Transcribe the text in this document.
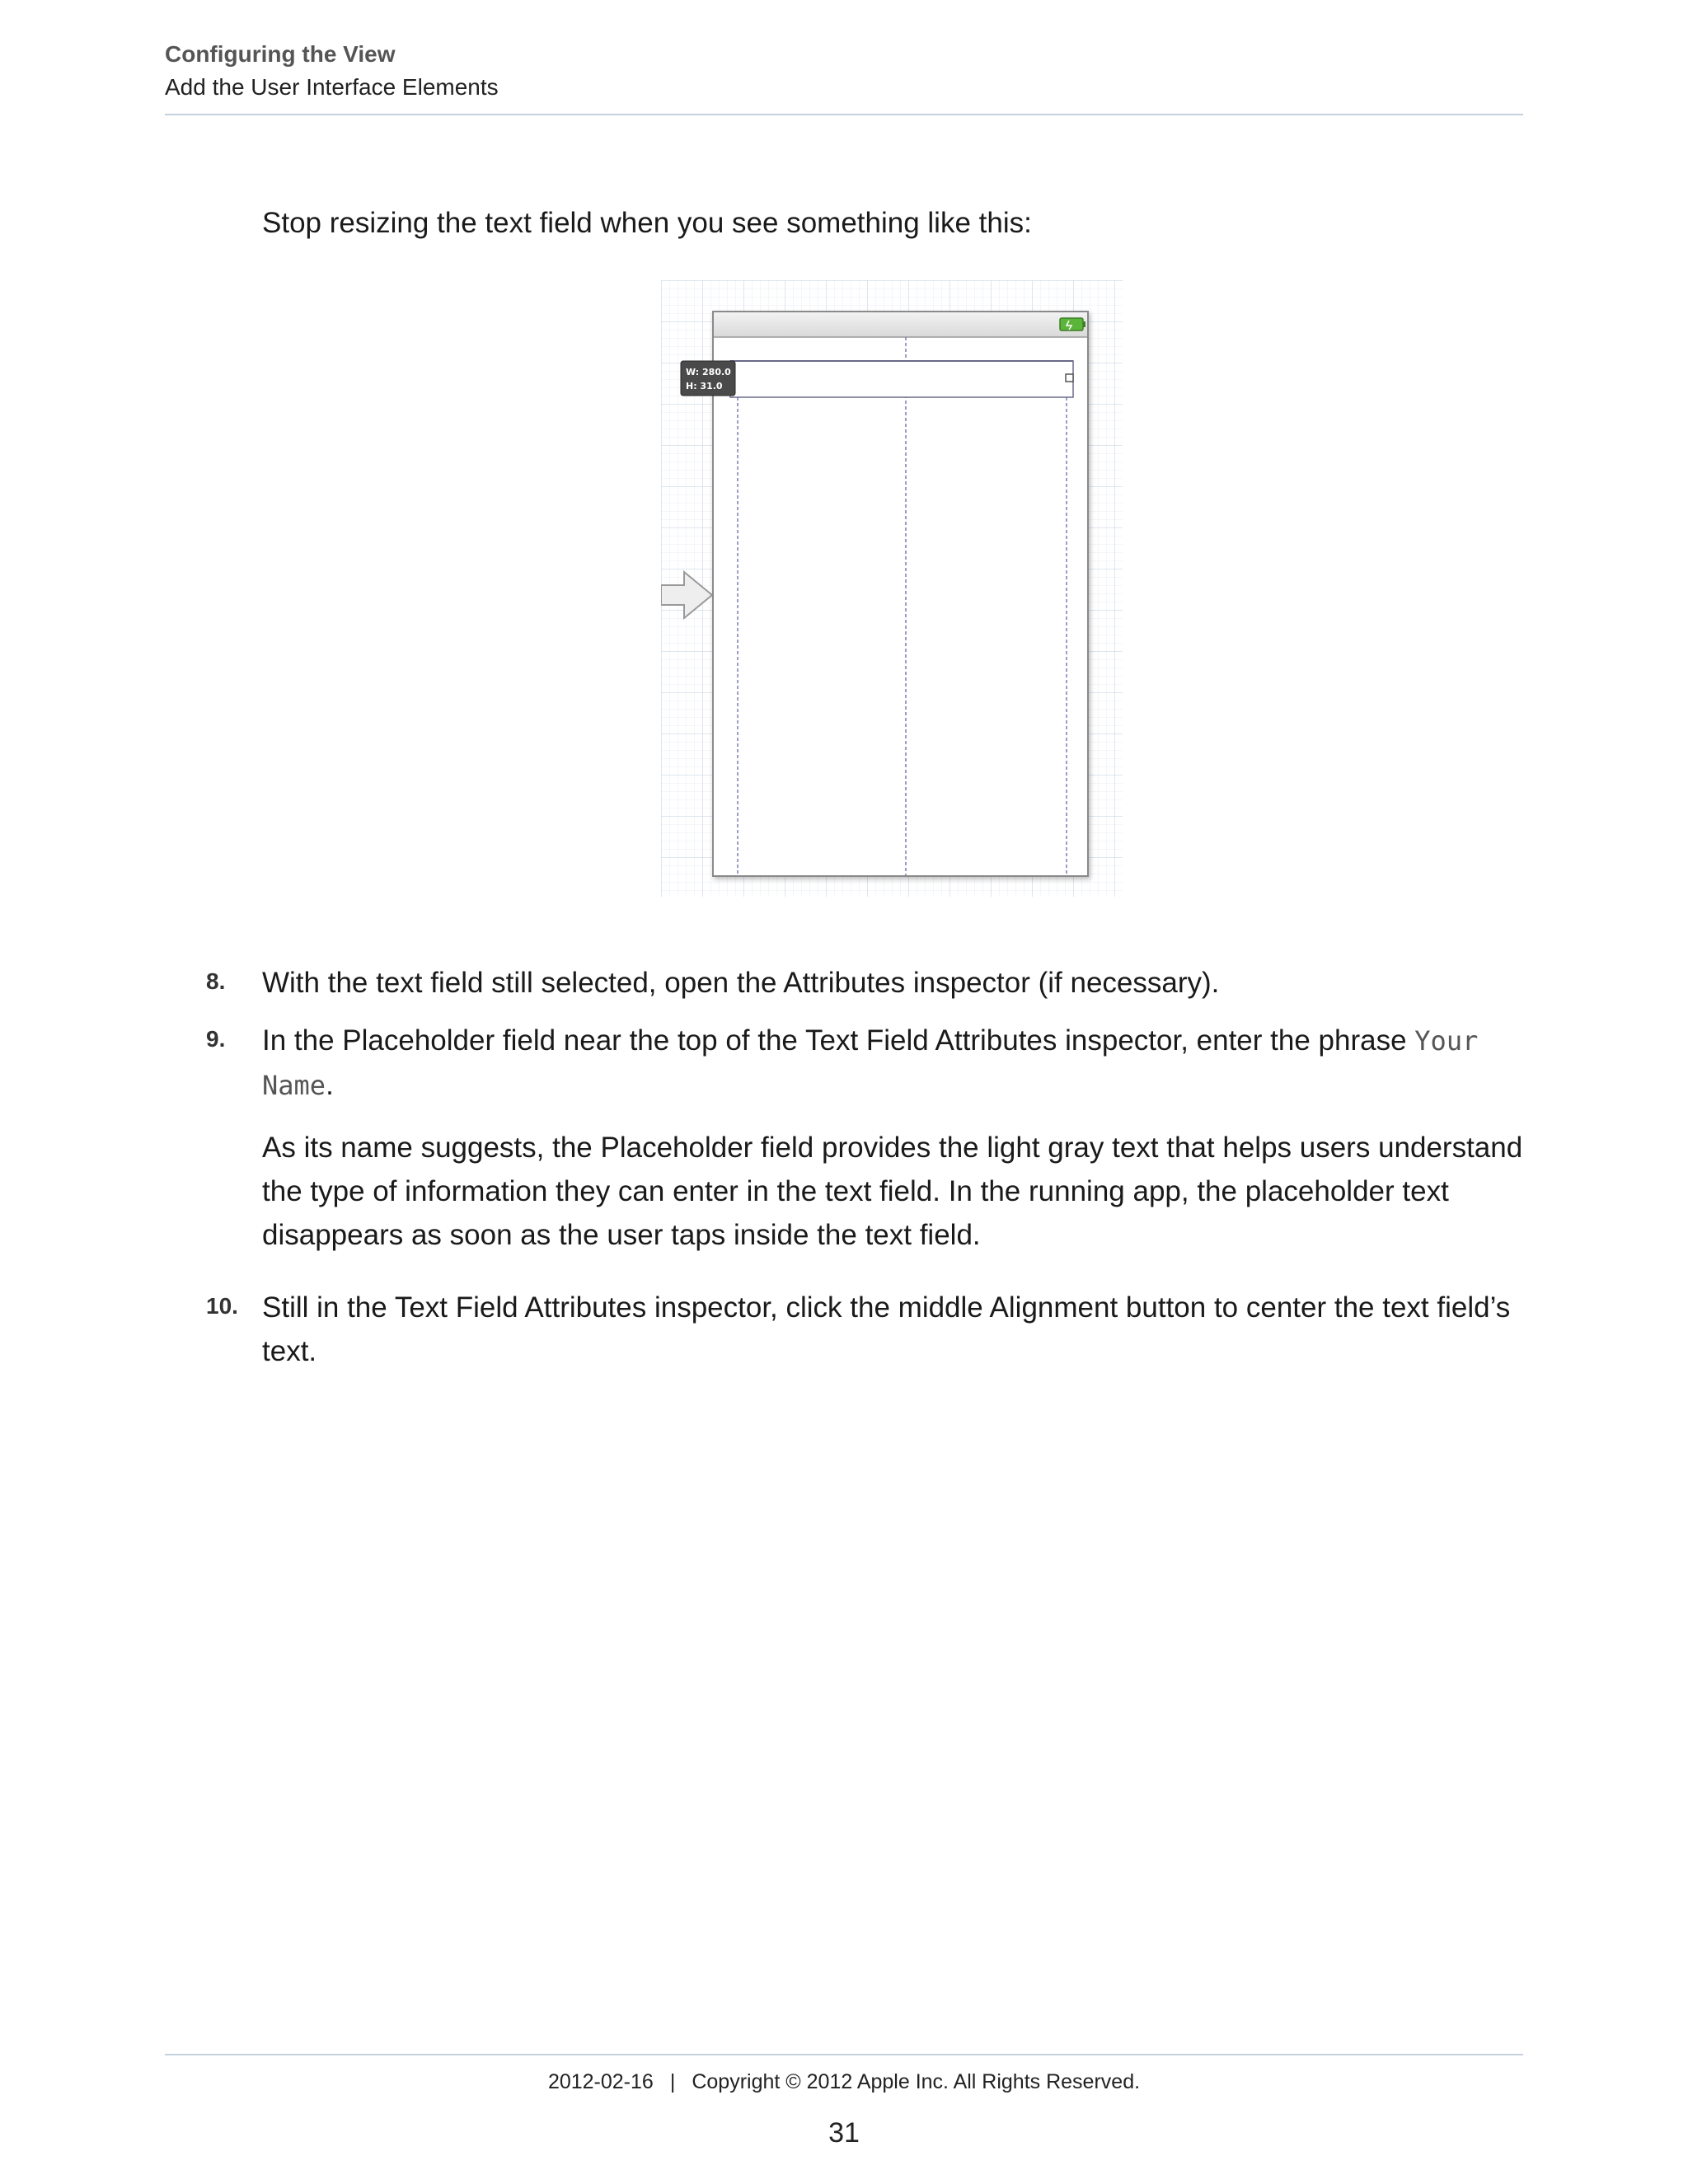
Configuring the View
Add the User Interface Elements
Stop resizing the text field when you see something like this:
W: 280.0
H: 31.0
8. With the text field still selected, open the Attributes inspector (if necessary).
9. In the Placeholder field near the top of the Text Field Attributes inspector, enter the phrase Your Name.
As its name suggests, the Placeholder field provides the light gray text that helps users understand the type of information they can enter in the text field. In the running app, the placeholder text disappears as soon as the user taps inside the text field.
10. Still in the Text Field Attributes inspector, click the middle Alignment button to center the text field’s text.
2012-02-16 | Copyright © 2012 Apple Inc. All Rights Reserved.
31
